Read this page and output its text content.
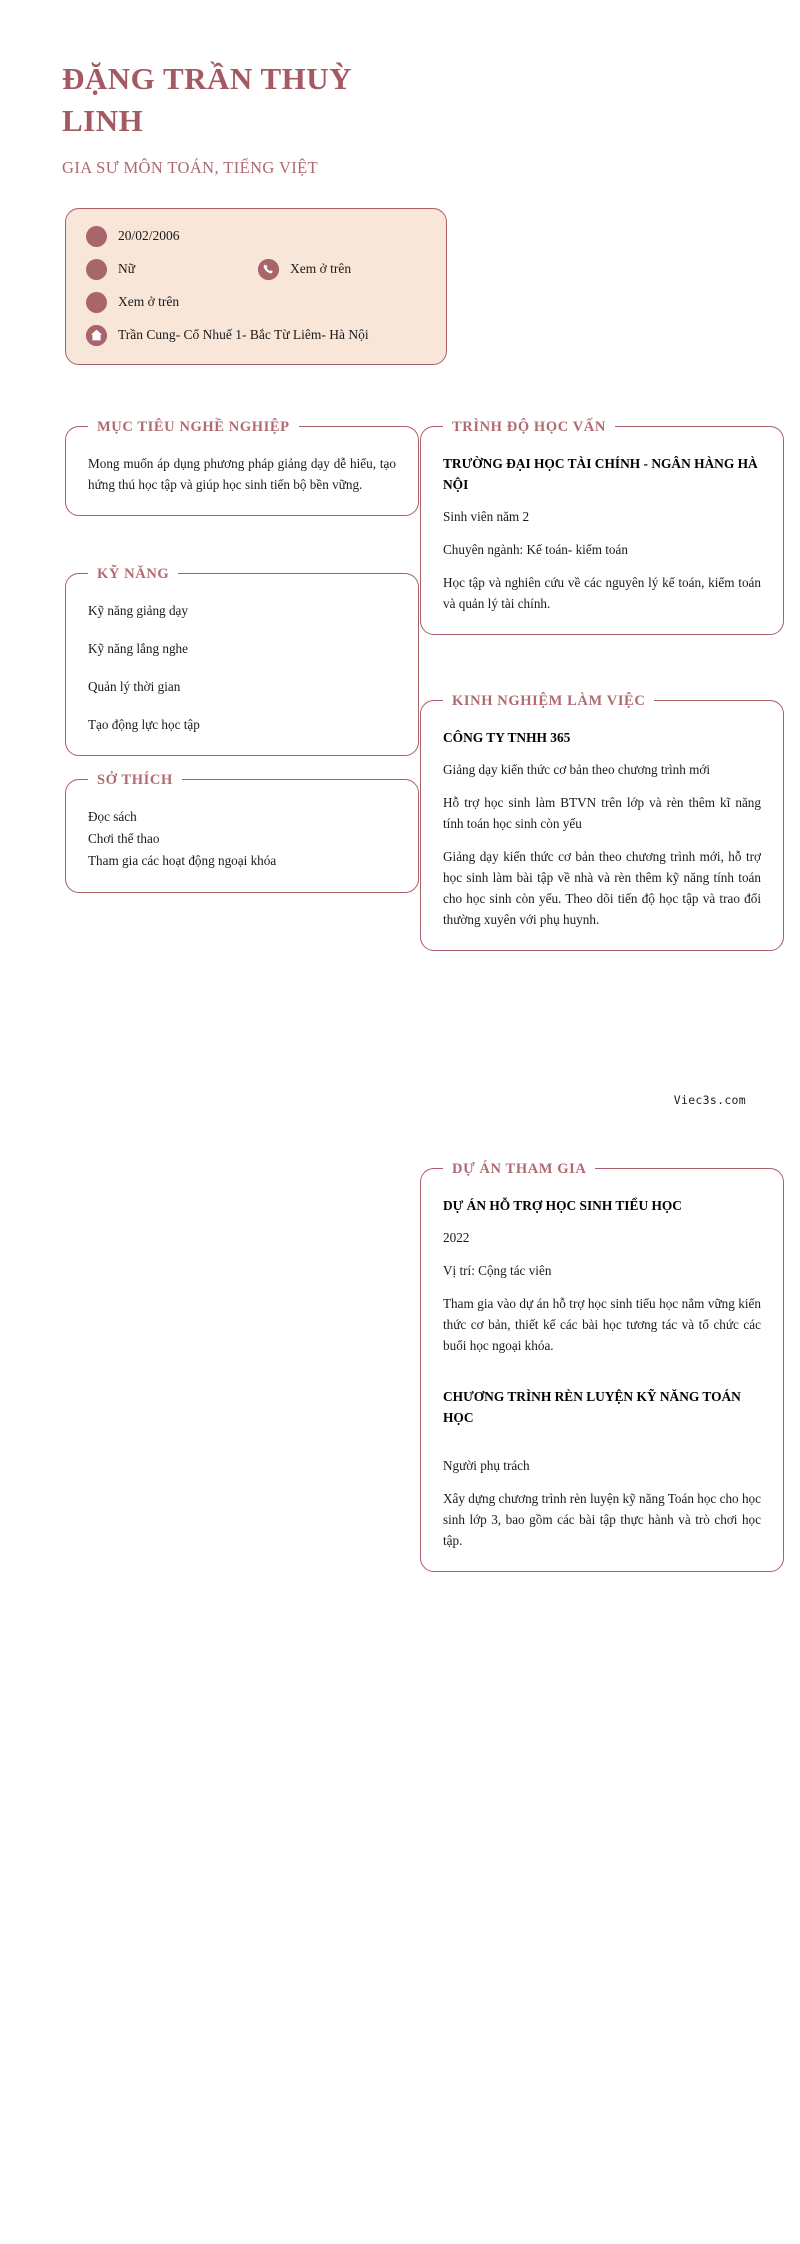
ĐẶNG TRẦN THUỲ LINH
GIA SƯ MÔN TOÁN, TIẾNG VIỆT
20/02/2006
Nữ	Xem ở trên
Xem ở trên
Trần Cung- Cổ Nhuế 1- Bắc Từ Liêm- Hà Nội
MỤC TIÊU NGHỀ NGHIỆP

Mong muốn áp dụng phương pháp giảng dạy dễ hiểu, tạo hứng thú học tập và giúp học sinh tiến bộ bền vững.

KỸ NĂNG
Kỹ năng giảng dạy
Kỹ năng lắng nghe
Quản lý thời gian
Tạo động lực học tập
SỞ THÍCH
Đọc sách
Chơi thể thao
Tham gia các hoạt động ngoại khóa
TRÌNH ĐỘ HỌC VẤN
TRƯỜNG ĐẠI HỌC TÀI CHÍNH - NGÂN HÀNG HÀ NỘI

Sinh viên năm 2

Chuyên ngành: Kế toán- kiểm toán

Học tập và nghiên cứu về các nguyên lý kế toán, kiểm toán và quản lý tài chính.

KINH NGHIỆM LÀM VIỆC
CÔNG TY TNHH 365

Giảng dạy kiến thức cơ bản theo chương trình mới

Hỗ trợ học sinh làm BTVN trên lớp và rèn thêm kĩ năng tính toán học sinh còn yếu

Giảng dạy kiến thức cơ bản theo chương trình mới, hỗ trợ học sinh làm bài tập về nhà và rèn thêm kỹ năng tính toán cho học sinh còn yếu. Theo dõi tiến độ học tập và trao đổi thường xuyên với phụ huynh.

Viec3s.com
DỰ ÁN THAM GIA
DỰ ÁN HỖ TRỢ HỌC SINH TIỂU HỌC

2022

Vị trí: Cộng tác viên

Tham gia vào dự án hỗ trợ học sinh tiểu học nắm vững kiến thức cơ bản, thiết kế các bài học tương tác và tổ chức các buổi học ngoại khóa.

CHƯƠNG TRÌNH RÈN LUYỆN KỸ NĂNG TOÁN HỌC

Người phụ trách

Xây dựng chương trình rèn luyện kỹ năng Toán học cho học sinh lớp 3, bao gồm các bài tập thực hành và trò chơi học tập.
